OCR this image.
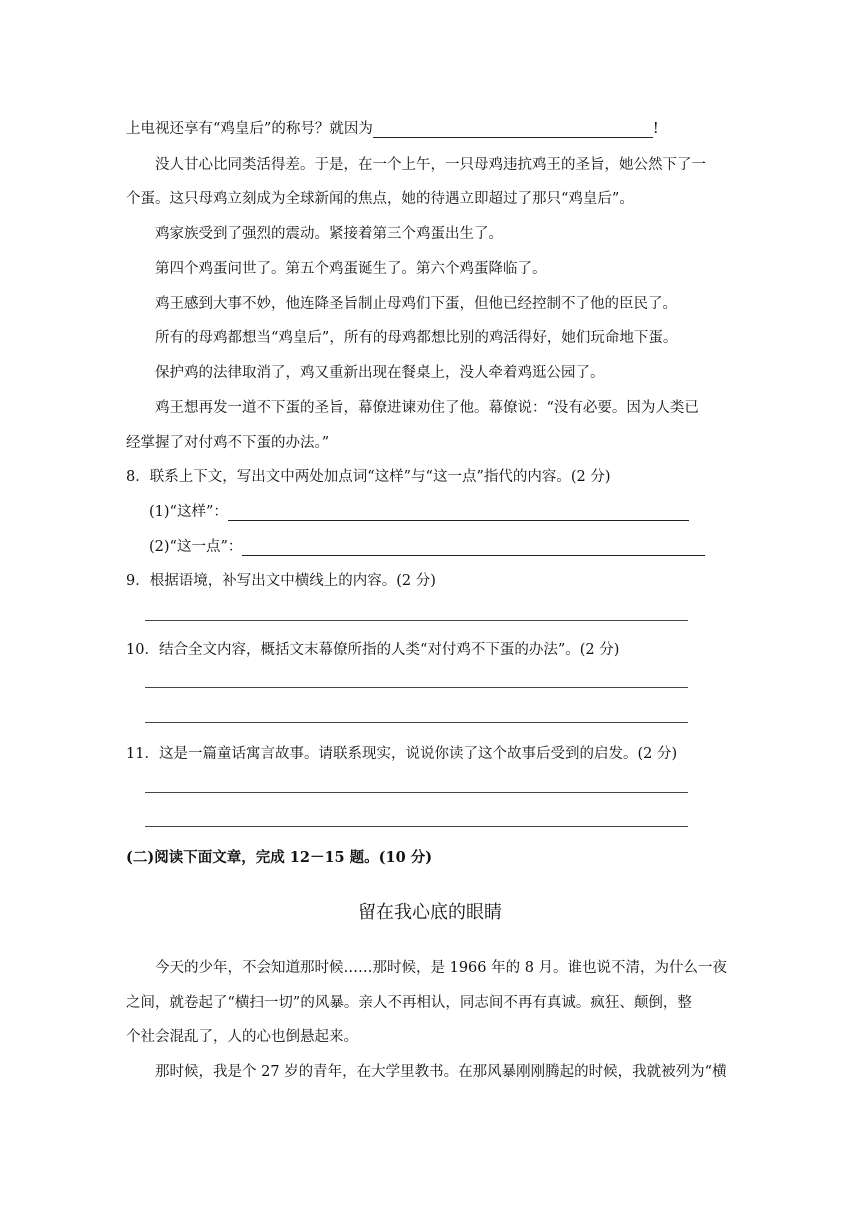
上电视还享有“鸡皇后”的称号？就因为	!
没人甘心比同类活得差。于是，在一个上午，一只母鸡违抗鸡王的圣旨，她公然下了一
个蛋。这只母鸡立刻成为全球新闻的焦点，她的待遇立即超过了那只“鸡皇后”。
鸡家族受到了强烈的震动。紧接着第三个鸡蛋出生了。
第四个鸡蛋问世了。第五个鸡蛋诞生了。第六个鸡蛋降临了。
鸡王感到大事不妙，他连降圣旨制止母鸡们下蛋，但他已经控制不了他的臣民了。
所有的母鸡都想当“鸡皇后”，所有的母鸡都想比别的鸡活得好，她们玩命地下蛋。
保护鸡的法律取消了，鸡又重新出现在餐桌上，没人牵着鸡逛公园了。
鸡王想再发一道不下蛋的圣旨，幕僚进谏劝住了他。幕僚说：“没有必要。因为人类已
经掌握了对付鸡不下蛋的办法。”
8．联系上下文，写出文中两处加点词“这样”与“这一点”指代的内容。(2 分)
(1)“这样”：
(2)“这一点”：
9．根据语境，补写出文中横线上的内容。(2 分)
10．结合全文内容，概括文末幕僚所指的人类“对付鸡不下蛋的办法”。(2 分)
11．这是一篇童话寓言故事。请联系现实，说说你读了这个故事后受到的启发。(2 分)
(二)阅读下面文章，完成 12－15 题。(10 分)
留在我心底的眼睛
今天的少年，不会知道那时候……那时候，是 1966 年的 8 月。谁也说不清，为什么一夜
之间，就卷起了“横扫一切”的风暴。亲人不再相认，同志间不再有真诚。疯狂、颠倒，整
个社会混乱了，人的心也倒悬起来。
那时候，我是个 27 岁的青年，在大学里教书。在那风暴刚刚腾起的时候，我就被列为“横
